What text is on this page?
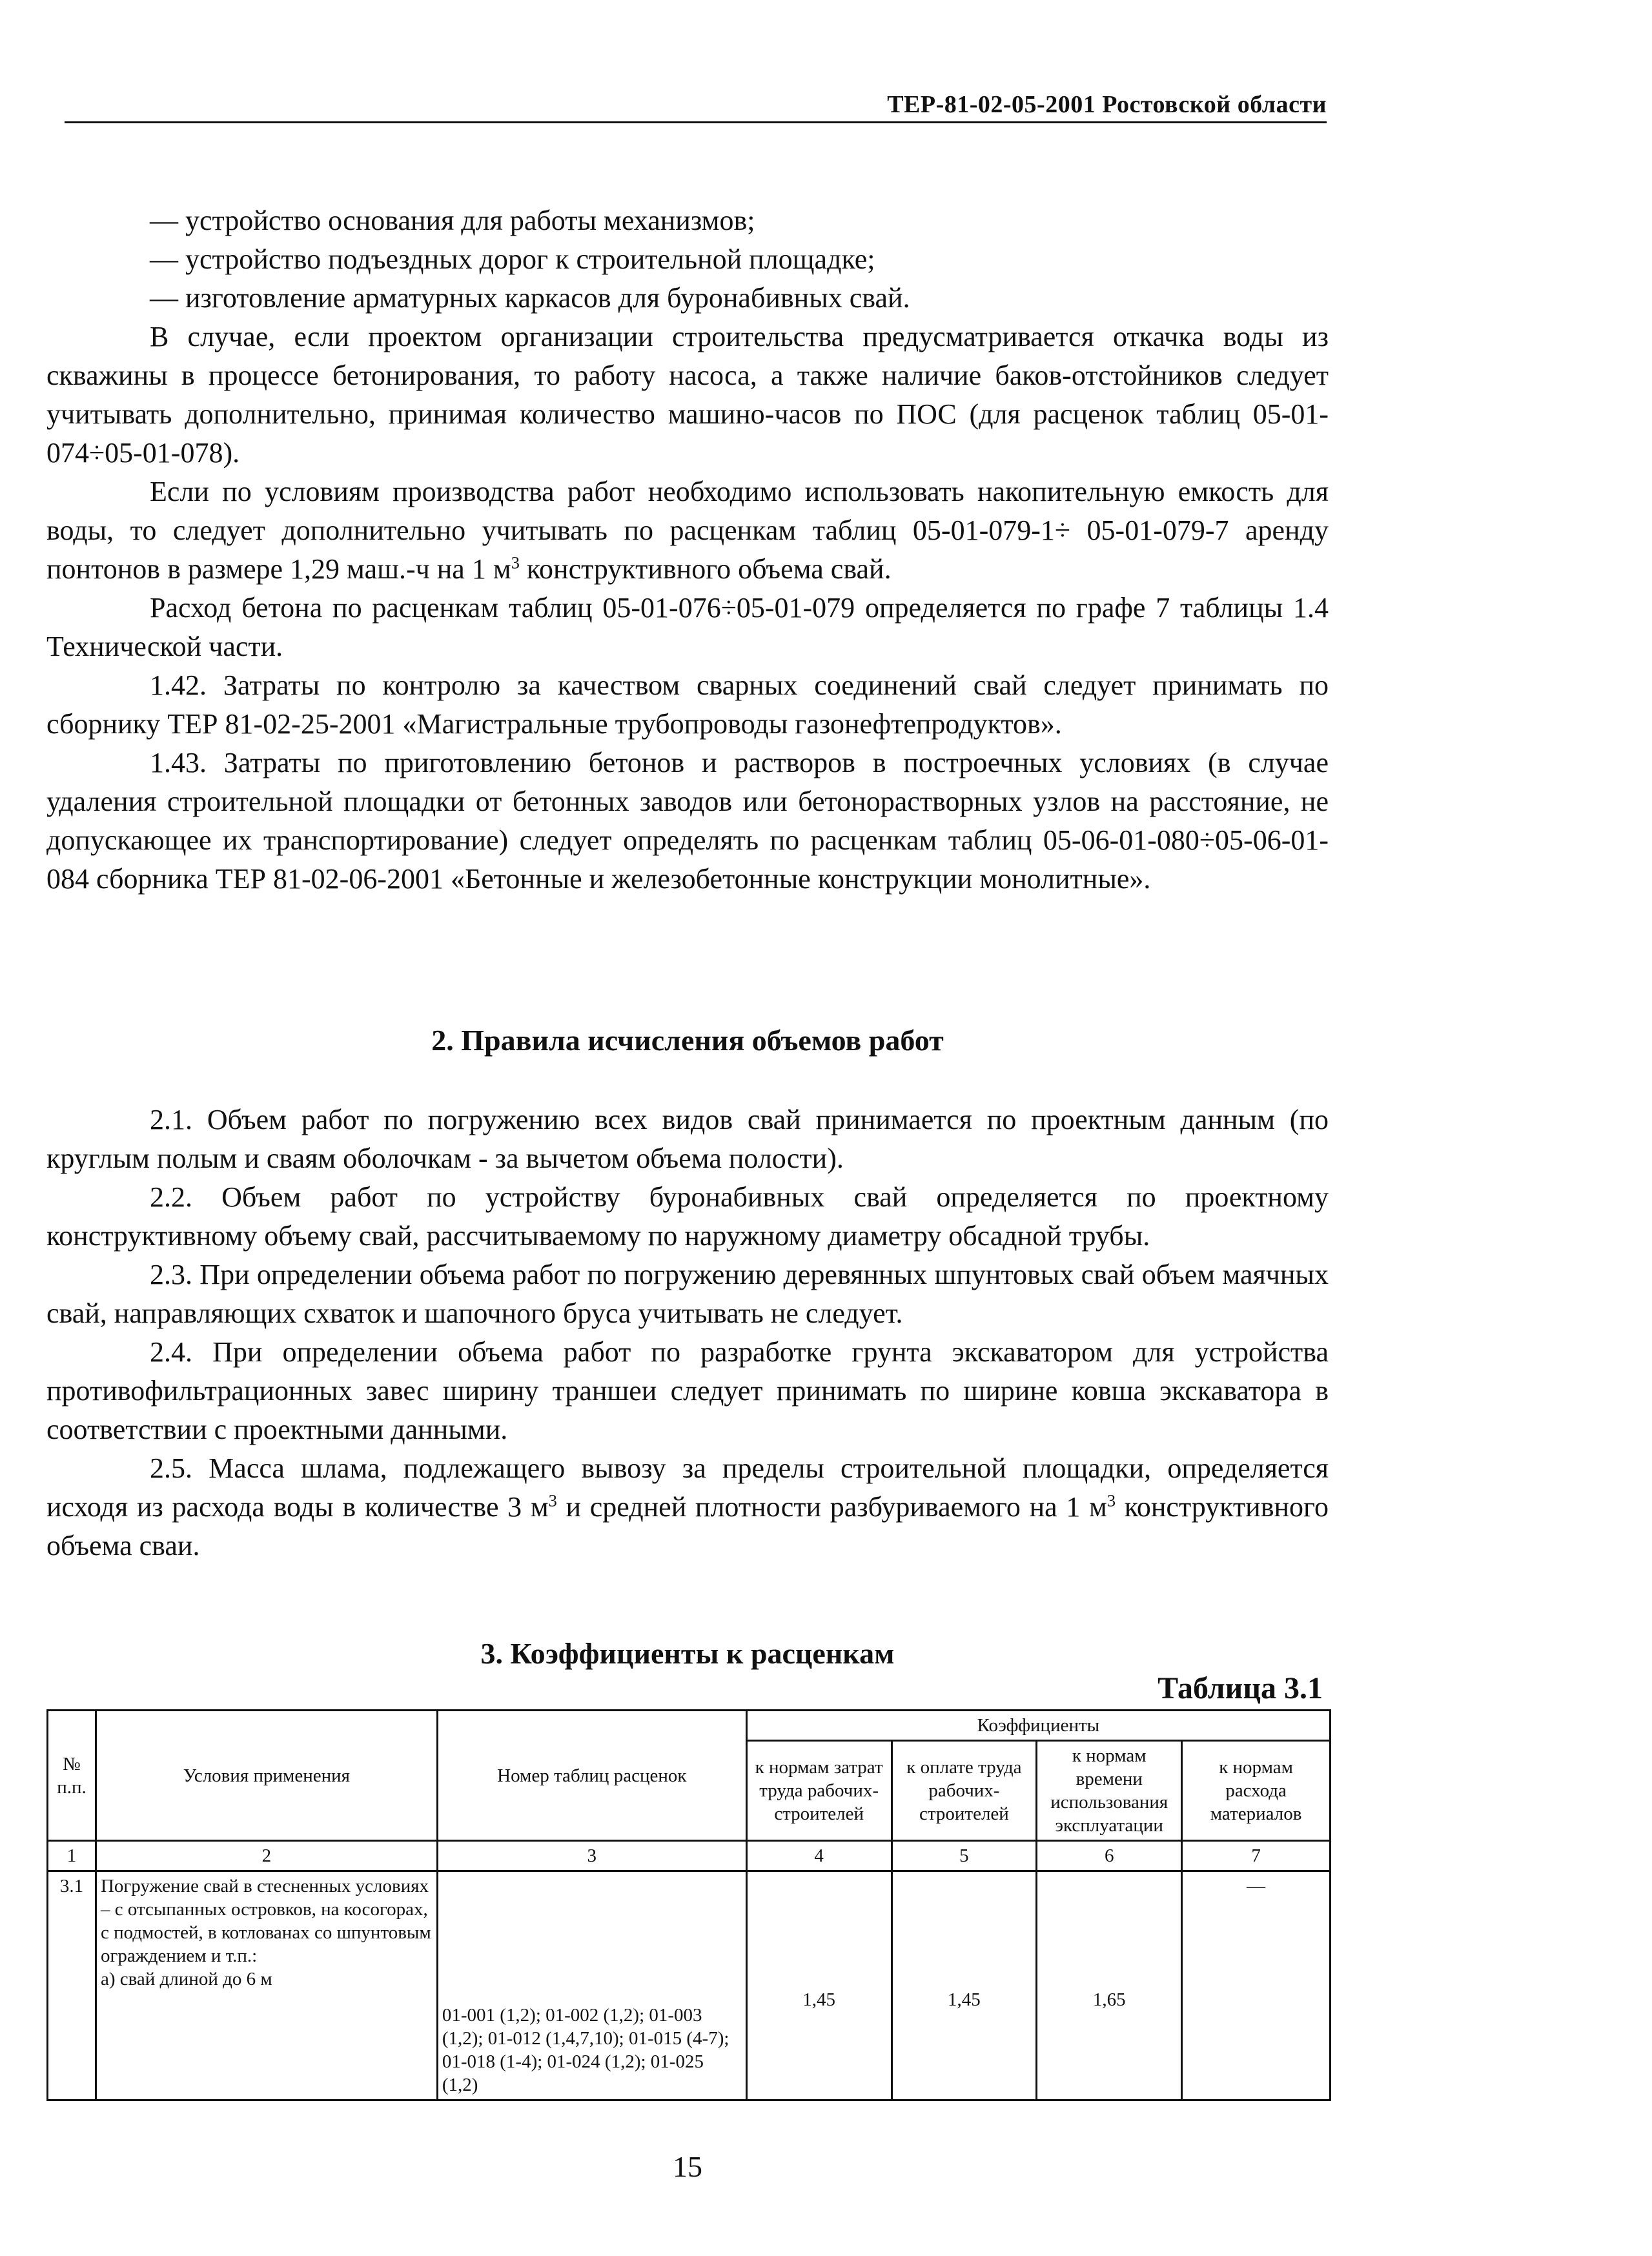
ТЕР-81-02-05-2001 Ростовской области

— устройство основания для работы механизмов;

— устройство подъездных дорог к строительной площадке;

— изготовление арматурных каркасов для буронабивных свай.

В случае, если проектом организации строительства предусматривается откачка воды из скважины в процессе бетонирования, то работу насоса, а также наличие баков-отстойников следует учитывать дополнительно, принимая количество машино-часов по ПОС (для расценок таблиц 05-01-074÷05-01-078).

Если по условиям производства работ необходимо использовать накопительную емкость для воды, то следует дополнительно учитывать по расценкам таблиц 05-01-079-1÷ 05-01-079-7 аренду понтонов в размере 1,29 маш.-ч на 1 $м^3$ конструктивного объема свай.

Расход бетона по расценкам таблиц 05-01-076÷05-01-079 определяется по графе 7 таблицы 1.4 Технической части.

1.42. Затраты по контролю за качеством сварных соединений свай следует принимать по сборнику ТЕР 81-02-25-2001 «Магистральные трубопроводы газонефтепродуктов».

1.43. Затраты по приготовлению бетонов и растворов в построечных условиях (в случае удаления строительной площадки от бетонных заводов или бетонорастворных узлов на расстояние, не допускающее их транспортирование) следует определять по расценкам таблиц 05-06-01-080÷05-06-01-084 сборника ТЕР 81-02-06-2001 «Бетонные и железобетонные конструкции монолитные».

2. Правила исчисления объемов работ

2.1. Объем работ по погружению всех видов свай принимается по проектным данным (по круглым полым и сваям оболочкам - за вычетом объема полости).

2.2. Объем работ по устройству буронабивных свай определяется по проектному конструктивному объему свай, рассчитываемому по наружному диаметру обсадной трубы.

2.3. При определении объема работ по погружению деревянных шпунтовых свай объем маячных свай, направляющих схваток и шапочного бруса учитывать не следует.

2.4. При определении объема работ по разработке грунта экскаватором для устройства противофильтрационных завес ширину траншеи следует принимать по ширине ковша экскаватора в соответствии с проектными данными.

2.5. Масса шлама, подлежащего вывозу за пределы строительной площадки, определяется исходя из расхода воды в количестве 3 $м^3$ и средней плотности разбуриваемого на 1 $м^3$ конструктивного объема сваи.

3. Коэффициенты к расценкам
Таблица 3.1
№ п.п.	Условия применения	Номер таблиц расценок	Коэффициенты			
			к нормам затрат труда рабочих-строителей	к оплате труда рабочих-строителей	к нормам времени использования эксплуатации	к нормам расхода материалов
1	2	3	4	5	6	7
3.1	Погружение свай в стесненных условиях – с отсыпанных островков, на косогорах, с подмостей, в котлованах со шпунтовым ограждением и т.п.:
а) свай длиной до 6 м	01-001 (1,2); 01-002 (1,2); 01-003 (1,2); 01-012 (1,4,7,10); 01-015 (4-7); 01-018 (1-4); 01-024 (1,2); 01-025 (1,2)	1,45	1,45	1,65	—
15
